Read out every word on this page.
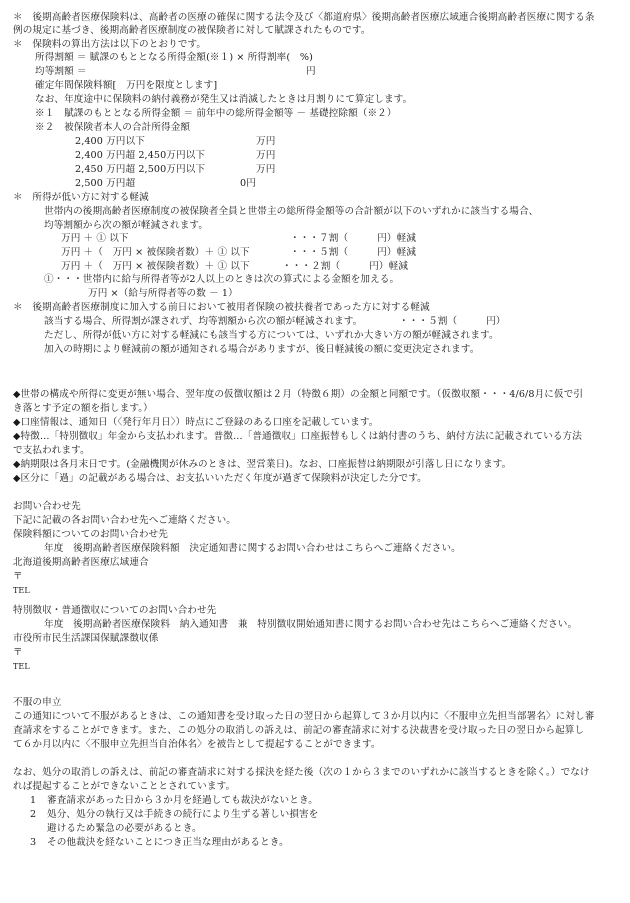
＊　後期高齢者医療保険料は、高齢者の医療の確保に関する法令及び〈都道府県〉後期高齢者医療広域連合後期高齢者医療に関する条
例の規定に基づき、後期高齢者医療制度の被保険者に対して賦課されたものです。
＊　保険料の算出方法は以下のとおりです。
所得割額 ＝ 賦課のもととなる所得金額(※１) × 所得割率(　%)
均等割額 ＝	円
確定年間保険料額[　万円を限度とします]
なお、年度途中に保険料の納付義務が発生又は消滅したときは月割りにて算定します。
※１　賦課のもととなる所得金額 ＝ 前年中の総所得金額等 － 基礎控除額（※２）
※２　被保険者本人の合計所得金額
2,400 万円以下	万円
2,400 万円超 2,450万円以下	万円
2,450 万円超 2,500万円以下	万円
2,500 万円超	0円
＊　所得が低い方に対する軽減
世帯内の後期高齢者医療制度の被保険者全員と世帯主の総所得金額等の合計額が以下のいずれかに該当する場合、
均等割額から次の額が軽減されます。
万円 ＋ ① 以下	・・・７割（　　　円）軽減
万円 ＋（　万円 × 被保険者数）＋ ① 以下	・・・５割（　　　円）軽減
万円 ＋（　万円 × 被保険者数）＋ ① 以下	・・・２割（　　　円）軽減
①・・・世帯内に給与所得者等が2人以上のときは次の算式による金額を加える。
万円 ×（給与所得者等の数 － 1）
＊　後期高齢者医療制度に加入する前日において被用者保険の被扶養者であった方に対する軽減
該当する場合、所得割が課されず、均等割額から次の額が軽減されます。	・・・５割（　　　円）
ただし、所得が低い方に対する軽減にも該当する方については、いずれか大きい方の額が軽減されます。
加入の時期により軽減前の額が通知される場合がありますが、後日軽減後の額に変更決定されます。
◆世帯の構成や所得に変更が無い場合、翌年度の仮徴収額は２月（特徴６期）の金額と同額です。（仮徴収額・・・4/6/8月に仮で引
き落とす予定の額を指します。）
◆口座情報は、通知日（〈発行年月日〉）時点にご登録のある口座を記載しています。
◆特徴…「特別徴収」年金から支払われます。普徴…「普通徴収」口座振替もしくは納付書のうち、納付方法に記載されている方法
で支払われます。
◆納期限は各月末日です。(金融機関が休みのときは、翌営業日)。なお、口座振替は納期限が引落し日になります。
◆区分に「過」の記載がある場合は、お支払いいただく年度が過ぎて保険料が決定した分です。
お問い合わせ先
下記に記載の各お問い合わせ先へご連絡ください。
保険料額についてのお問い合わせ先
年度　後期高齢者医療保険料額　決定通知書に関するお問い合わせはこちらへご連絡ください。
北海道後期高齢者医療広域連合
〒
TEL
特別徴収・普通徴収についてのお問い合わせ先
年度　後期高齢者医療保険料　納入通知書　兼　特別徴収開始通知書に関するお問い合わせ先はこちらへご連絡ください。
市役所市民生活課国保賦課徴収係
〒
TEL
不服の申立
この通知について不服があるときは、この通知書を受け取った日の翌日から起算して３か月以内に〈不服申立先担当部署名〉に対し審
査請求をすることができます。また、この処分の取消しの訴えは、前記の審査請求に対する決裁書を受け取った日の翌日から起算し
て６か月以内に〈不服申立先担当自治体名〉を被告として提起することができます。
なお、処分の取消しの訴えは、前記の審査請求に対する採決を経た後（次の１から３までのいずれかに該当するときを除く。）でなけ
れば提起することができないこととされています。
1 審査請求があった日から３か月を経過しても裁決がないとき。
2 処分、処分の執行又は手続きの続行により生ずる著しい損害を
避けるため緊急の必要があるとき。
3 その他裁決を経ないことにつき正当な理由があるとき。
